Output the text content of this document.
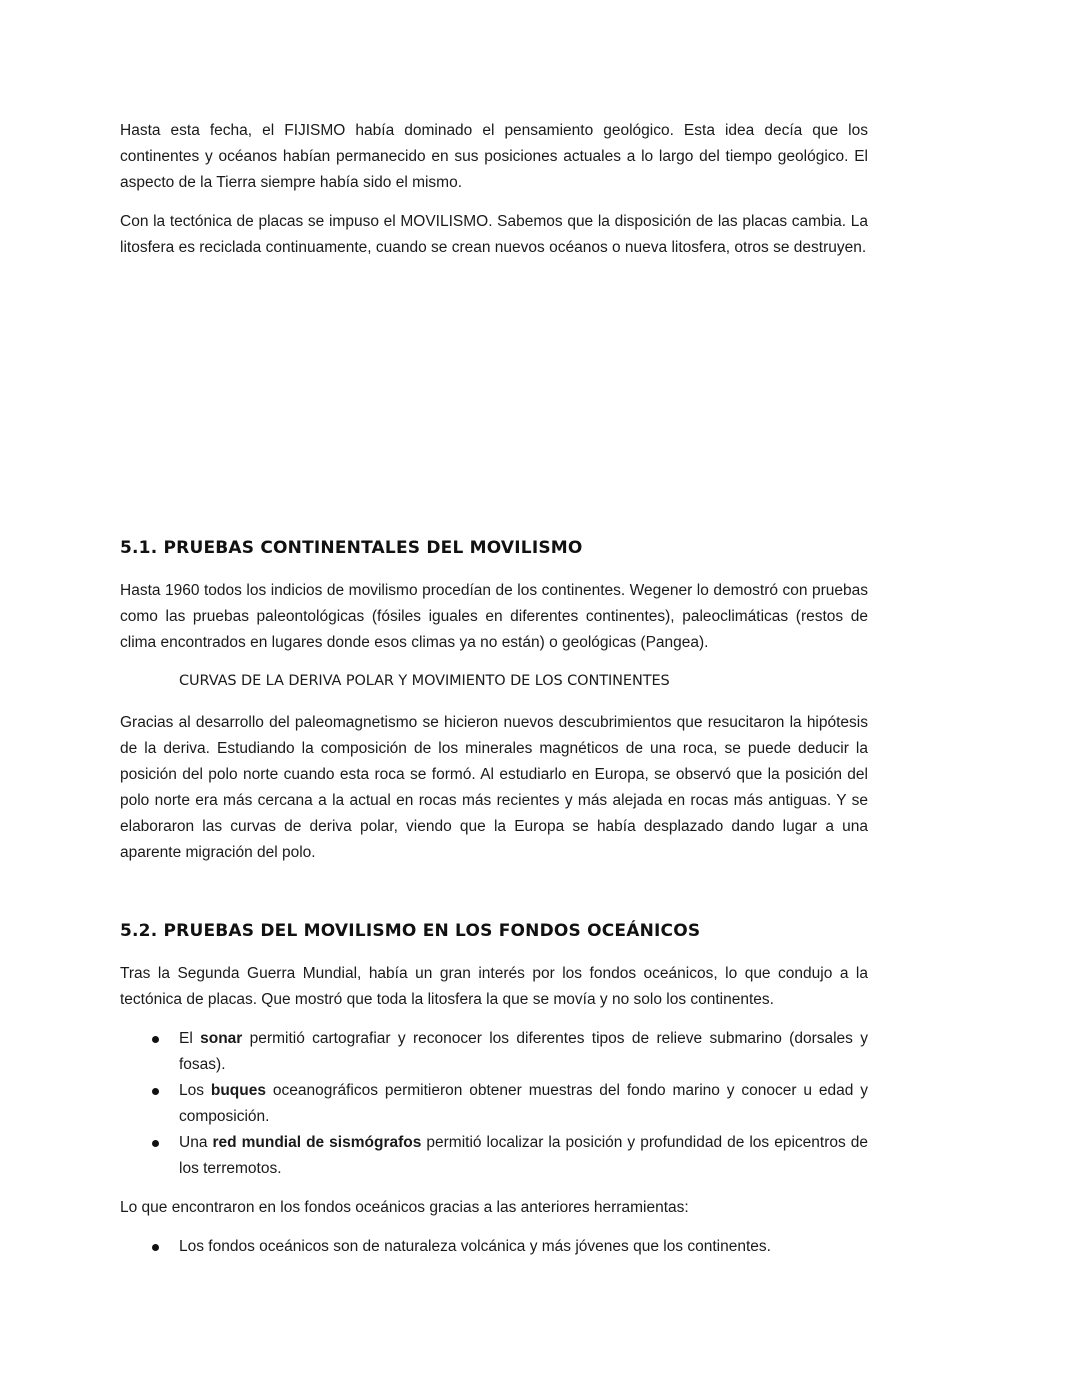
Hasta esta fecha, el FIJISMO había dominado el pensamiento geológico. Esta idea decía que los continentes y océanos habían permanecido en sus posiciones actuales a lo largo del tiempo geológico. El aspecto de la Tierra siempre había sido el mismo.

Con la tectónica de placas se impuso el MOVILISMO. Sabemos que la disposición de las placas cambia. La litosfera es reciclada continuamente, cuando se crean nuevos océanos o nueva litosfera, otros se destruyen.

5.1. PRUEBAS CONTINENTALES DEL MOVILISMO

Hasta 1960 todos los indicios de movilismo procedían de los continentes. Wegener lo demostró con pruebas como las pruebas paleontológicas (fósiles iguales en diferentes continentes), paleoclimáticas (restos de clima encontrados en lugares donde esos climas ya no están) o geológicas (Pangea).

CURVAS DE LA DERIVA POLAR Y MOVIMIENTO DE LOS CONTINENTES

Gracias al desarrollo del paleomagnetismo se hicieron nuevos descubrimientos que resucitaron la hipótesis de la deriva. Estudiando la composición de los minerales magnéticos de una roca, se puede deducir la posición del polo norte cuando esta roca se formó. Al estudiarlo en Europa, se observó que la posición del polo norte era más cercana a la actual en rocas más recientes y más alejada en rocas más antiguas. Y se elaboraron las curvas de deriva polar, viendo que la Europa se había desplazado dando lugar a una aparente migración del polo.

5.2. PRUEBAS DEL MOVILISMO EN LOS FONDOS OCEÁNICOS

Tras la Segunda Guerra Mundial, había un gran interés por los fondos oceánicos, lo que condujo a la tectónica de placas. Que mostró que toda la litosfera la que se movía y no solo los continentes.

El sonar permitió cartografiar y reconocer los diferentes tipos de relieve submarino (dorsales y fosas).
Los buques oceanográficos permitieron obtener muestras del fondo marino y conocer u edad y composición.
Una red mundial de sismógrafos permitió localizar la posición y profundidad de los epicentros de los terremotos.

Lo que encontraron en los fondos oceánicos gracias a las anteriores herramientas:

Los fondos oceánicos son de naturaleza volcánica y más jóvenes que los continentes.
